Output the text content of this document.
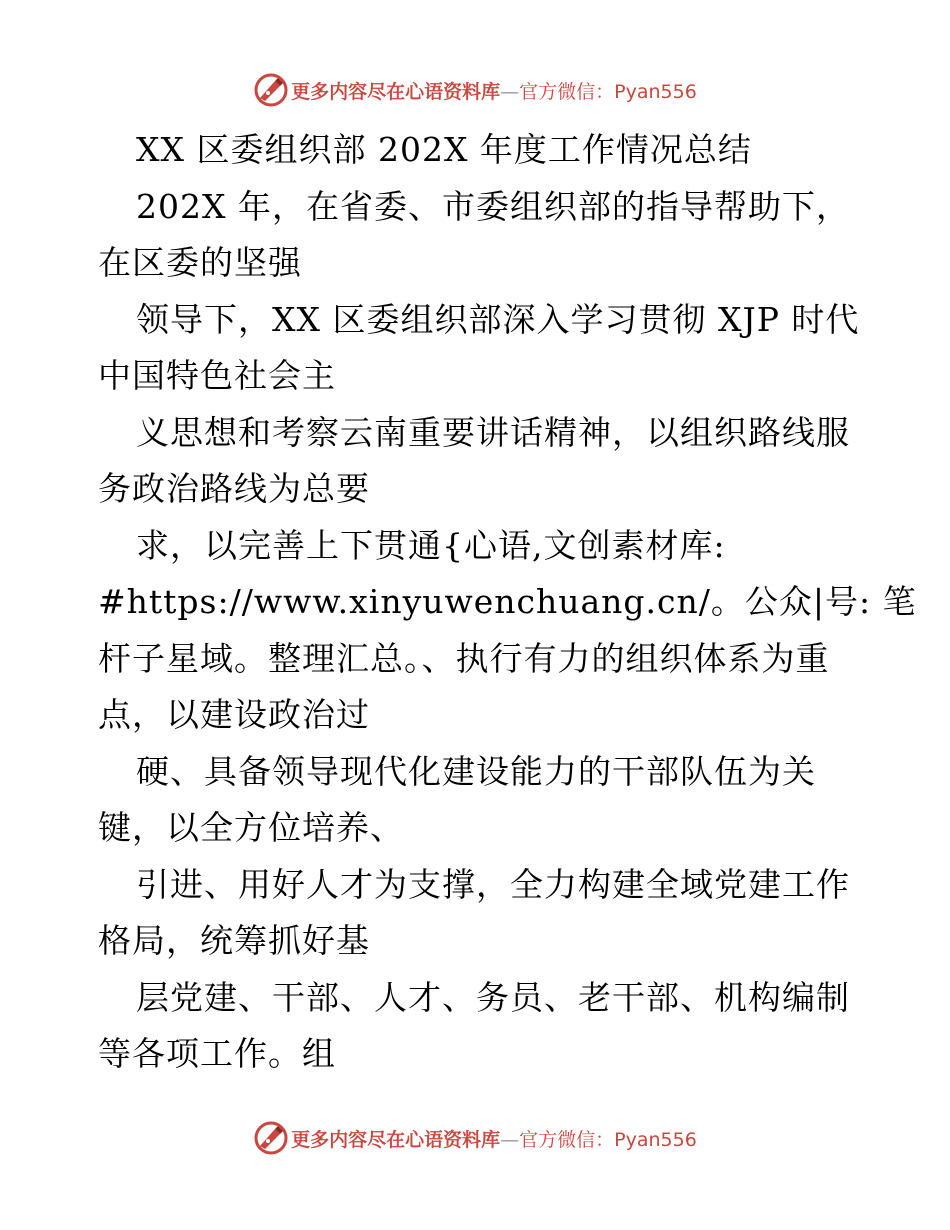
更多内容尽在心语资料库—官方微信：Pyan556
XX 区委组织部 202X 年度工作情况总结
202X 年，在省委、市委组织部的指导帮助下，
在区委的坚强
领导下，XX 区委组织部深入学习贯彻 XJP 时代
中国特色社会主
义思想和考察云南重要讲话精神，以组织路线服
务政治路线为总要
求，以完善上下贯通{心语,文创素材库:
#https://www.xinyuwenchuang.cn/。公众|号: 笔
杆子星域。整理汇总。、执行有力的组织体系为重
点，以建设政治过
硬、具备领导现代化建设能力的干部队伍为关
键，以全方位培养、
引进、用好人才为支撑，全力构建全域党建工作
格局，统筹抓好基
层党建、干部、人才、务员、老干部、机构编制
等各项工作。组
更多内容尽在心语资料库—官方微信：Pyan556
